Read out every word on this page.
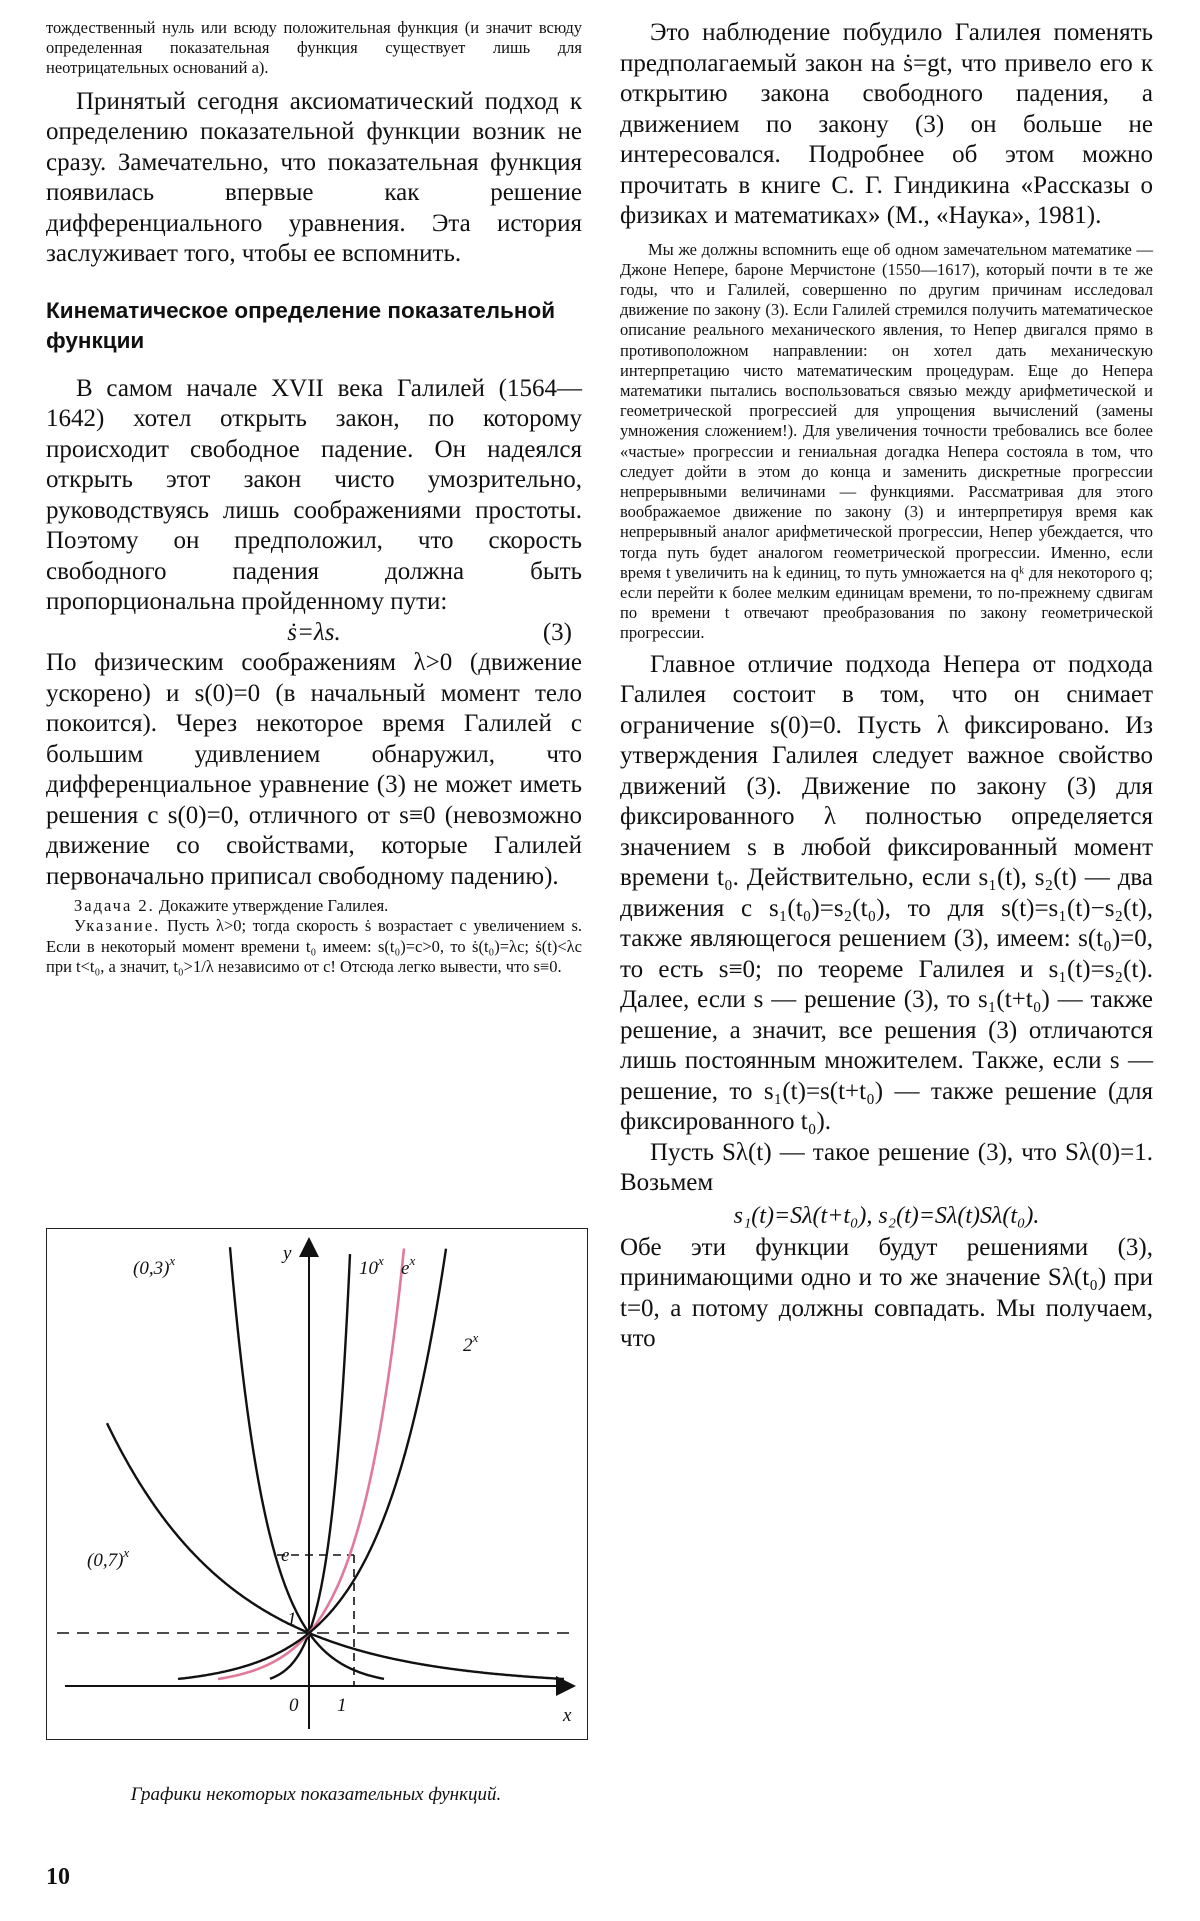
тождественный нуль или всюду положительная функция (и значит всюду определенная показательная функция существует лишь для неотрицательных оснований a).

Принятый сегодня аксиоматический подход к определению показательной функции возник не сразу. Замечательно, что показательная функция появилась впервые как решение дифференциального уравнения. Эта история заслуживает того, чтобы ее вспомнить.

Кинематическое определение показательной функции

В самом начале XVII века Галилей (1564—1642) хотел открыть закон, по которому происходит свободное падение. Он надеялся открыть этот закон чисто умозрительно, руководствуясь лишь соображениями простоты. Поэтому он предположил, что скорость свободного падения должна быть пропорциональна пройденному пути:

ṡ=λs.	(3)

По физическим соображениям λ>0 (движение ускорено) и s(0)=0 (в начальный момент тело покоится). Через некоторое время Галилей с большим удивлением обнаружил, что дифференциальное уравнение (3) не может иметь решения с s(0)=0, отличного от s≡0 (невозможно движение со свойствами, которые Галилей первоначально приписал свободному падению).

Задача 2. Докажите утверждение Галилея.

Указание. Пусть λ>0; тогда скорость ṡ возрастает с увеличением s. Если в некоторый момент времени t₀ имеем: s(t₀)=c>0, то ṡ(t₀)=λc; ṡ(t)<λc при t<t₀, а значит, t₀>1/λ независимо от c! Отсюда легко вывести, что s≡0.

y
x
0 1
1
e
$(0,3)^x$
$(0,7)^x$
10$^x$ $e^x$
2$^x$
Графики некоторых показательных функций.

Это наблюдение побудило Галилея поменять предполагаемый закон на ṡ=gt, что привело его к открытию закона свободного падения, а движением по закону (3) он больше не интересовался. Подробнее об этом можно прочитать в книге С. Г. Гиндикина «Рассказы о физиках и математиках» (М., «Наука», 1981).

Мы же должны вспомнить еще об одном замечательном математике — Джоне Непере, бароне Мерчистоне (1550—1617), который почти в те же годы, что и Галилей, совершенно по другим причинам исследовал движение по закону (3). Если Галилей стремился получить математическое описание реального механического явления, то Непер двигался прямо в противоположном направлении: он хотел дать механическую интерпретацию чисто математическим процедурам. Еще до Непера математики пытались воспользоваться связью между арифметической и геометрической прогрессией для упрощения вычислений (замены умножения сложением!). Для увеличения точности требовались все более «частые» прогрессии и гениальная догадка Непера состояла в том, что следует дойти в этом до конца и заменить дискретные прогрессии непрерывными величинами — функциями. Рассматривая для этого воображаемое движение по закону (3) и интерпретируя время как непрерывный аналог арифметической прогрессии, Непер убеждается, что тогда путь будет аналогом геометрической прогрессии. Именно, если время t увеличить на k единиц, то путь умножается на qᵏ для некоторого q; если перейти к более мелким единицам времени, то по-прежнему сдвигам по времени t отвечают преобразования по закону геометрической прогрессии.

Главное отличие подхода Непера от подхода Галилея состоит в том, что он снимает ограничение s(0)=0. Пусть λ фиксировано. Из утверждения Галилея следует важное свойство движений (3). Движение по закону (3) для фиксированного λ полностью определяется значением s в любой фиксированный момент времени t₀. Действительно, если s₁(t), s₂(t) — два движения с s₁(t₀)=s₂(t₀), то для s(t)=s₁(t)−s₂(t), также являющегося решением (3), имеем: s(t₀)=0, то есть s≡0; по теореме Галилея и s₁(t)=s₂(t). Далее, если s — решение (3), то s₁(t+t₀) — также решение, а значит, все решения (3) отличаются лишь постоянным множителем. Также, если s — решение, то s₁(t)=s(t+t₀) — также решение (для фиксированного t₀).

Пусть Sλ(t) — такое решение (3), что Sλ(0)=1. Возьмем

s₁(t)=Sλ(t+t₀), s₂(t)=Sλ(t)Sλ(t₀).

Обе эти функции будут решениями (3), принимающими одно и то же значение Sλ(t₀) при t=0, а потому должны совпадать. Мы получаем, что

10
